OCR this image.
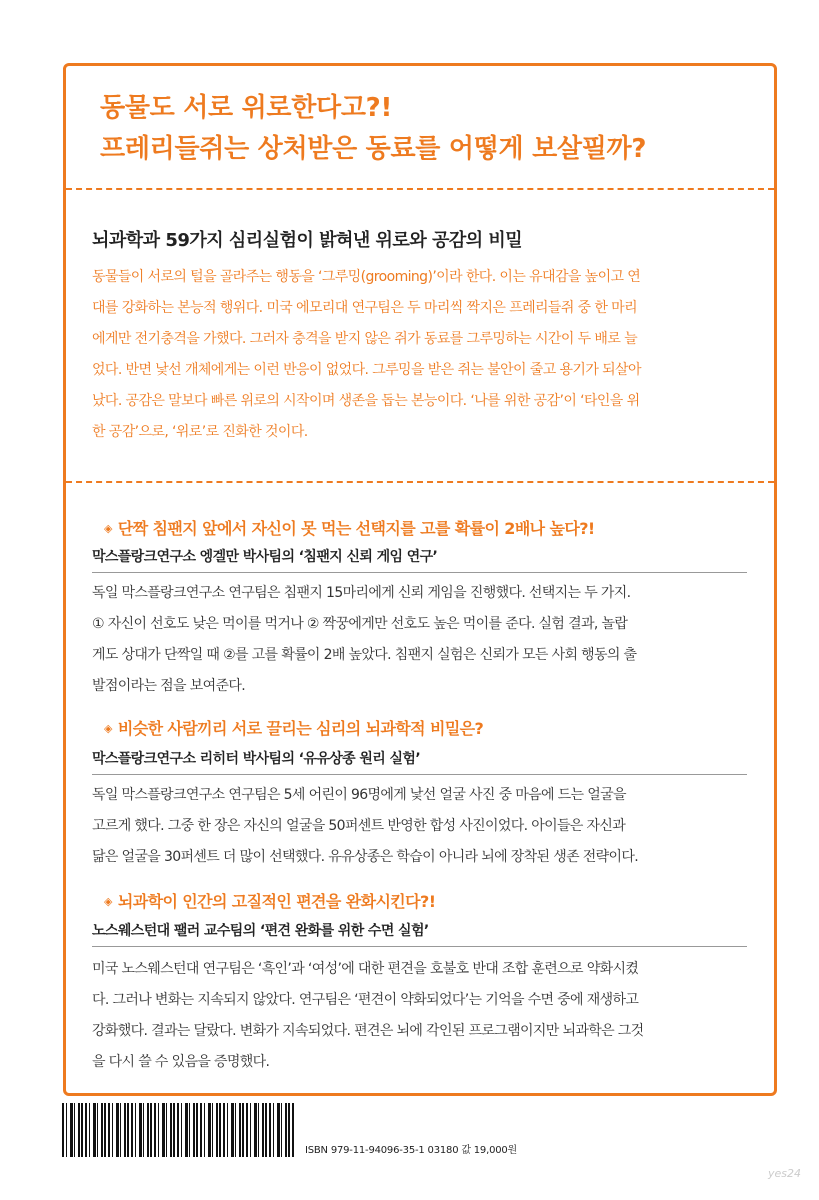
동물도 서로 위로한다고?!
프레리들쥐는 상처받은 동료를 어떻게 보살필까?
뇌과학과 59가지 심리실험이 밝혀낸 위로와 공감의 비밀
동물들이 서로의 털을 골라주는 행동을 ‘그루밍(grooming)’이라 한다. 이는 유대감을 높이고 연
대를 강화하는 본능적 행위다. 미국 에모리대 연구팀은 두 마리씩 짝지은 프레리들쥐 중 한 마리
에게만 전기충격을 가했다. 그러자 충격을 받지 않은 쥐가 동료를 그루밍하는 시간이 두 배로 늘
었다. 반면 낯선 개체에게는 이런 반응이 없었다. 그루밍을 받은 쥐는 불안이 줄고 용기가 되살아
났다. 공감은 말보다 빠른 위로의 시작이며 생존을 돕는 본능이다. ‘나를 위한 공감’이 ‘타인을 위
한 공감’으로, ‘위로’로 진화한 것이다.
◈ 단짝 침팬지 앞에서 자신이 못 먹는 선택지를 고를 확률이 2배나 높다?!
막스플랑크연구소 엥겔만 박사팀의 ‘침팬지 신뢰 게임 연구’
독일 막스플랑크연구소 연구팀은 침팬지 15마리에게 신뢰 게임을 진행했다. 선택지는 두 가지.
① 자신이 선호도 낮은 먹이를 먹거나 ② 짝꿍에게만 선호도 높은 먹이를 준다. 실험 결과, 놀랍
게도 상대가 단짝일 때 ②를 고를 확률이 2배 높았다. 침팬지 실험은 신뢰가 모든 사회 행동의 출
발점이라는 점을 보여준다.
◈ 비슷한 사람끼리 서로 끌리는 심리의 뇌과학적 비밀은?
막스플랑크연구소 리히터 박사팀의 ‘유유상종 원리 실험’
독일 막스플랑크연구소 연구팀은 5세 어린이 96명에게 낯선 얼굴 사진 중 마음에 드는 얼굴을
고르게 했다. 그중 한 장은 자신의 얼굴을 50퍼센트 반영한 합성 사진이었다. 아이들은 자신과
닮은 얼굴을 30퍼센트 더 많이 선택했다. 유유상종은 학습이 아니라 뇌에 장착된 생존 전략이다.
◈ 뇌과학이 인간의 고질적인 편견을 완화시킨다?!
노스웨스턴대 팰러 교수팀의 ‘편견 완화를 위한 수면 실험’
미국 노스웨스턴대 연구팀은 ‘흑인’과 ‘여성’에 대한 편견을 호불호 반대 조합 훈련으로 약화시켰
다. 그러나 변화는 지속되지 않았다. 연구팀은 ‘편견이 약화되었다’는 기억을 수면 중에 재생하고
강화했다. 결과는 달랐다. 변화가 지속되었다. 편견은 뇌에 각인된 프로그램이지만 뇌과학은 그것
을 다시 쓸 수 있음을 증명했다.
ISBN 979-11-94096-35-1 03180 값 19,000원
yes24
